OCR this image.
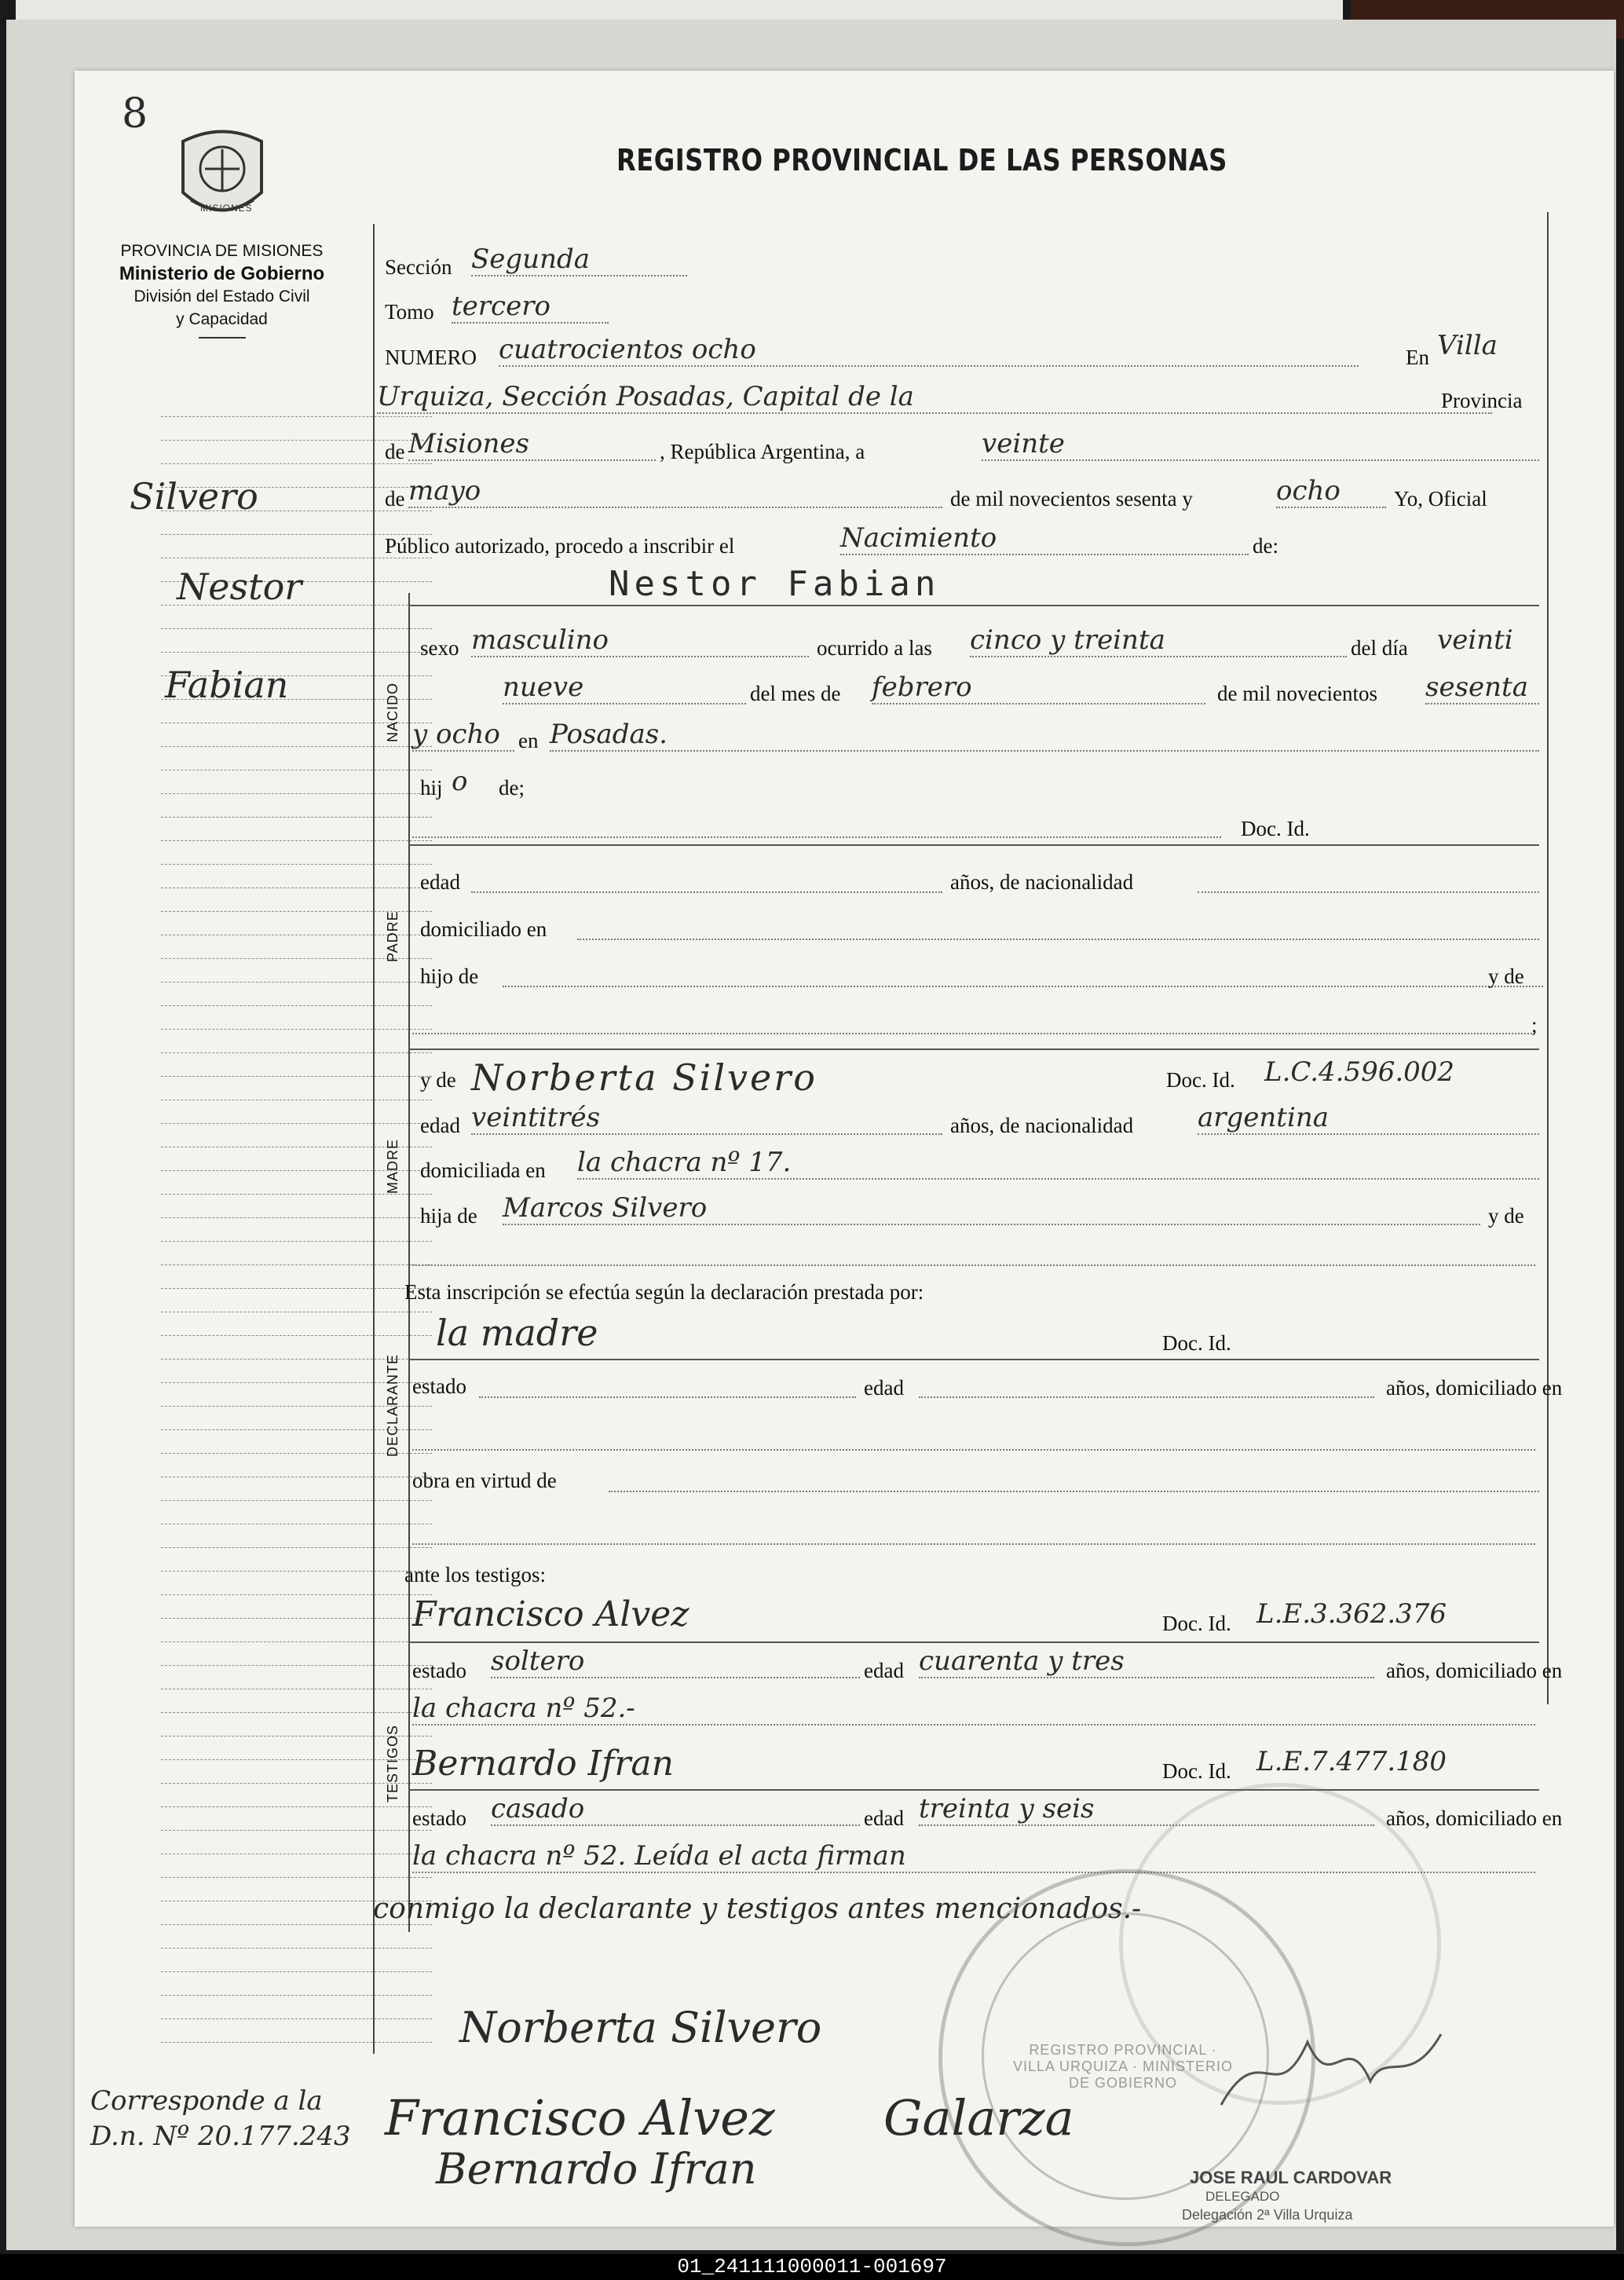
8
MISIONES
PROVINCIA DE MISIONES
Ministerio de Gobierno
División del Estado Civil
y Capacidad
REGISTRO PROVINCIAL DE LAS PERSONAS
Silvero
Nestor
Fabian
Corresponde a la
D.n. Nº 20.177.243
NACIDO
PADRE
MADRE
DECLARANTE
TESTIGOS
Sección Segunda
Tomo tercero
NUMERO cuatrocientos ocho	En Villa
Urquiza, Sección Posadas, Capital de la	Provincia
de Misiones	, República Argentina, a	veinte
de mayo	de mil novecientos sesenta y	ocho	Yo, Oficial
Público autorizado, procedo a inscribir el	Nacimiento	de:
Nestor Fabian
sexo masculino	ocurrido a las cinco y treinta	del día veinti
nueve	del mes de febrero	de mil novecientos sesenta
y ocho en Posadas.
hij o de;
Doc. Id.
edad	años, de nacionalidad
domiciliado en
hijo de	y de
;
y de Norberta Silvero	Doc. Id. L.C.4.596.002
edad veintitrés	años, de nacionalidad argentina
domiciliada en la chacra nº 17.
hija de Marcos Silvero	y de
Esta inscripción se efectúa según la declaración prestada por:
la madre	Doc. Id.
estado	edad	años, domiciliado en
obra en virtud de
ante los testigos:
Francisco Alvez	Doc. Id. L.E.3.362.376
estado soltero	edad cuarenta y tres	años, domiciliado en
la chacra nº 52.-
Bernardo Ifran	Doc. Id. L.E.7.477.180
estado casado	edad treinta y seis	años, domiciliado en
la chacra nº 52. Leída el acta firman
conmigo la declarante y testigos antes mencionados.-
REGISTRO PROVINCIAL · VILLA URQUIZA · MINISTERIO DE GOBIERNO
Norberta Silvero
Francisco Alvez Galarza
Bernardo Ifran	JOSE RAUL CARDOVAR
DELEGADO
Delegación 2ª Villa Urquiza
01_241111000011-001697
